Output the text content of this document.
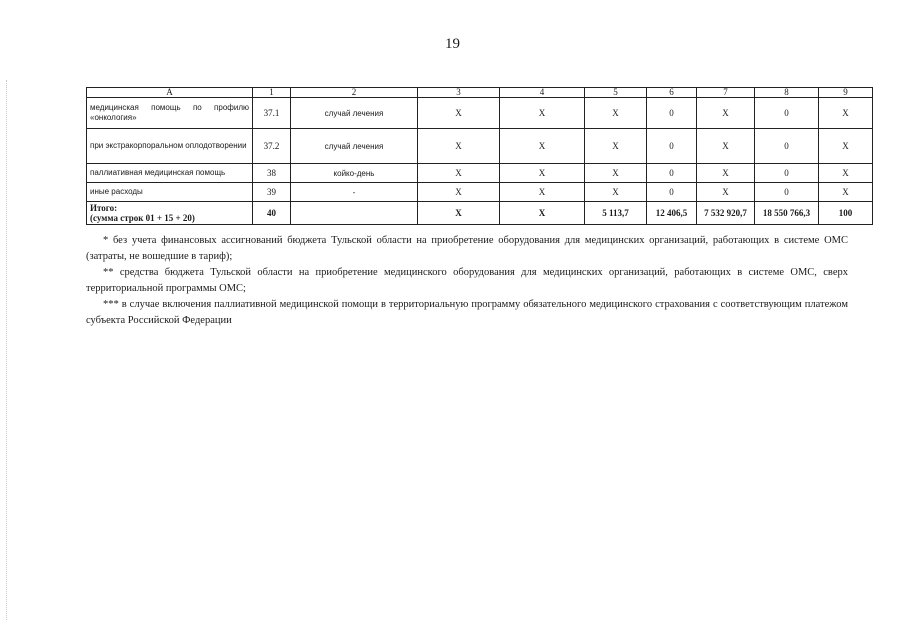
19
А	1	2	3	4	5	6	7	8	9
медицинская помощь по профилю «онкология»	37.1	случай лечения	Х	Х	Х	0	Х	0	Х
при экстракорпоральном оплодотворении	37.2	случай лечения	Х	Х	Х	0	Х	0	Х
паллиативная медицинская помощь	38	койко-день	Х	Х	Х	0	Х	0	Х
иные расходы	39	-	Х	Х	Х	0	Х	0	Х

Итого:
(сумма строк 01 + 15 + 20)	40		Х	Х	5 113,7	12 406,5	7 532 920,7	18 550 766,3	100

* без учета финансовых ассигнований бюджета Тульской области на приобретение оборудования для медицинских организаций, работающих в системе ОМС (затраты, не вошедшие в тариф);

** средства бюджета Тульской области на приобретение медицинского оборудования для медицинских организаций, работающих в системе ОМС, сверх территориальной программы ОМС;

*** в случае включения паллиативной медицинской помощи в территориальную программу обязательного медицинского страхования с соответствующим платежом субъекта Российской Федерации
